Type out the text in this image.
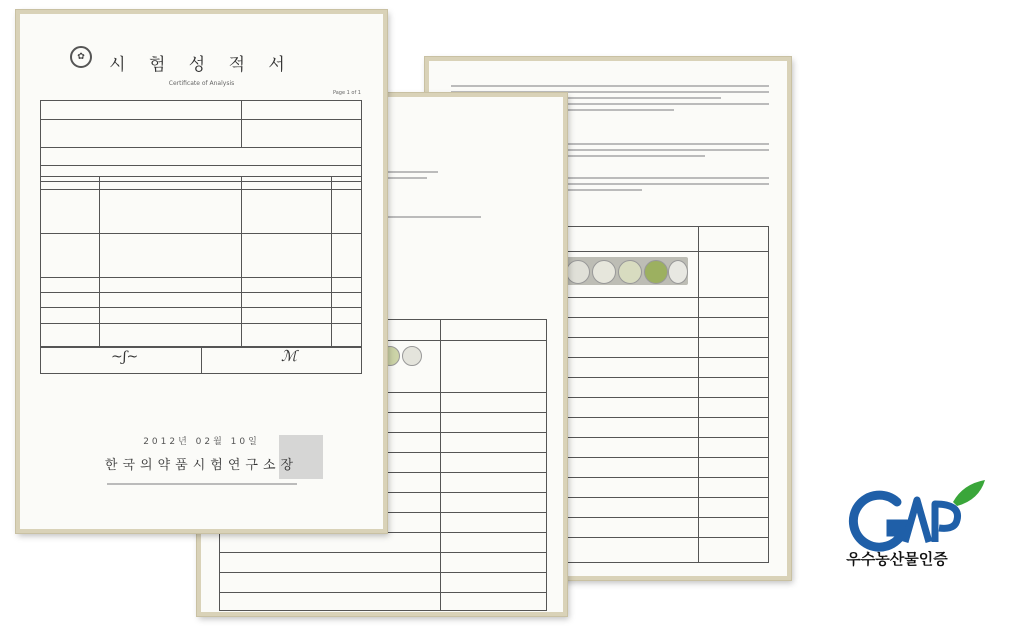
✿	시 험 성 적 서
Certificate of Analysis
Page 1 of 1
~ʃ~	ℳ
2012년 02월 10일
한국의약품시험연구소장
우수농산물인증
